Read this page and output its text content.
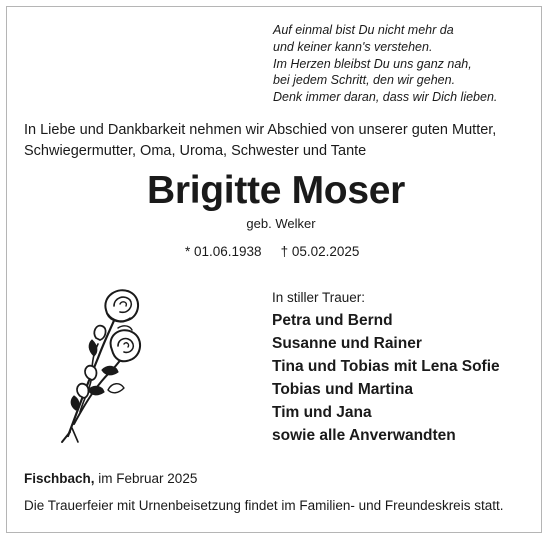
Auf einmal bist Du nicht mehr da
und keiner kann's verstehen.
Im Herzen bleibst Du uns ganz nah,
bei jedem Schritt, den wir gehen.
Denk immer daran, dass wir Dich lieben.
In Liebe und Dankbarkeit nehmen wir Abschied von unserer guten Mutter,
Schwiegermutter, Oma, Uroma, Schwester und Tante
Brigitte Moser
geb. Welker
* 01.06.1938 † 05.02.2025
In stiller Trauer:
Petra und Bernd
Susanne und Rainer
Tina und Tobias mit Lena Sofie
Tobias und Martina
Tim und Jana
sowie alle Anverwandten
Fischbach, im Februar 2025
Die Trauerfeier mit Urnenbeisetzung findet im Familien- und Freundeskreis statt.
